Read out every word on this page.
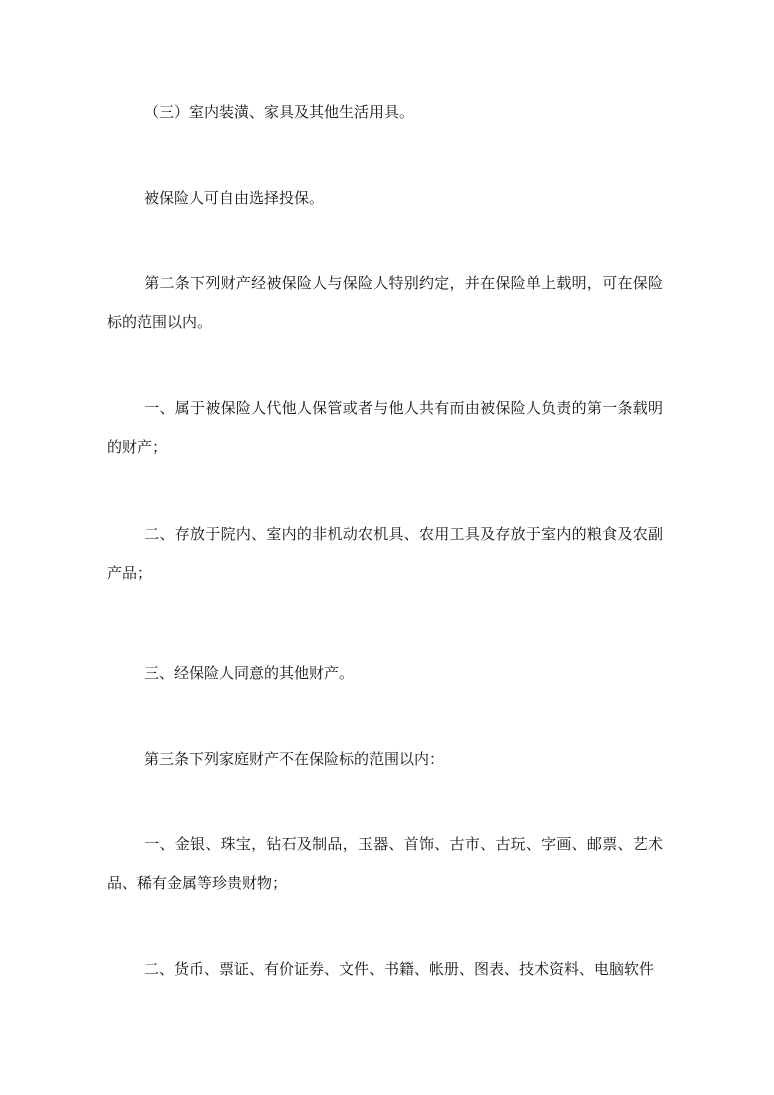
（三）室内装潢、家具及其他生活用具。

被保险人可自由选择投保。

第二条下列财产经被保险人与保险人特别约定，并在保险单上载明，可在保险标的范围以内。

一、属于被保险人代他人保管或者与他人共有而由被保险人负责的第一条载明的财产；

二、存放于院内、室内的非机动农机具、农用工具及存放于室内的粮食及农副产品；

三、经保险人同意的其他财产。

第三条下列家庭财产不在保险标的范围以内：

一、金银、珠宝，钻石及制品，玉器、首饰、古市、古玩、字画、邮票、艺术品、稀有金属等珍贵财物；

二、货币、票证、有价证券、文件、书籍、帐册、图表、技术资料、电脑软件
